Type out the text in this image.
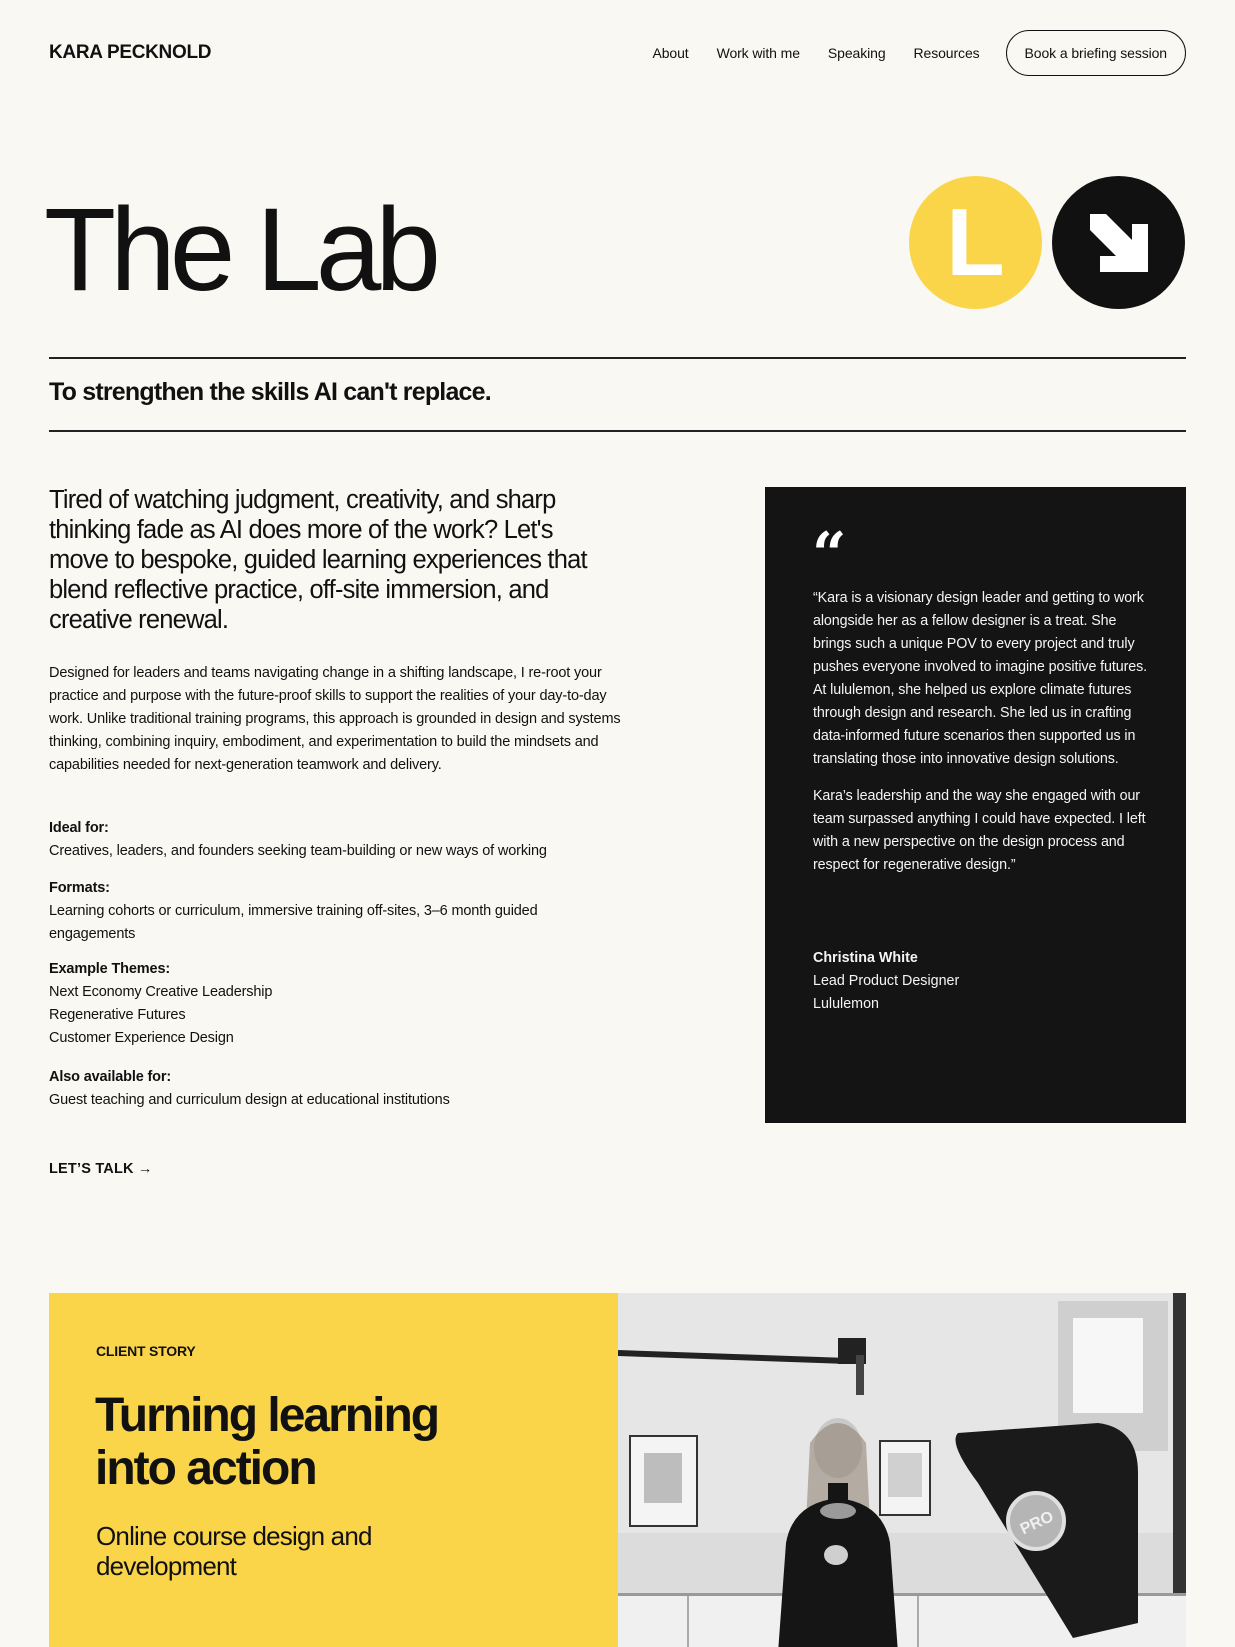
KARA PECKNOLD	About Work with me Speaking Resources	Book a briefing session
The Lab	L
To strengthen the skills AI can't replace.

Tired of watching judgment, creativity, and sharp thinking fade as AI does more of the work? Let's move to bespoke, guided learning experiences that blend reflective practice, off-site immersion, and creative renewal.

Designed for leaders and teams navigating change in a shifting landscape, I re-root your practice and purpose with the future-proof skills to support the realities of your day-to-day work. Unlike traditional training programs, this approach is grounded in design and systems thinking, combining inquiry, embodiment, and experimentation to build the mindsets and capabilities needed for next-generation teamwork and delivery.

Ideal for:
Creatives, leaders, and founders seeking team-building or new ways of working
Formats:
Learning cohorts or curriculum, immersive training off-sites, 3–6 month guided engagements
Example Themes:
Next Economy Creative Leadership
Regenerative Futures
Customer Experience Design
Also available for:
Guest teaching and curriculum design at educational institutions
LET’S TALK →
“

“Kara is a visionary design leader and getting to work alongside her as a fellow designer is a treat. She brings such a unique POV to every project and truly pushes everyone involved to imagine positive futures. At lululemon, she helped us explore climate futures through design and research. She led us in crafting data-informed future scenarios then supported us in translating those into innovative design solutions.

Kara’s leadership and the way she engaged with our team surpassed anything I could have expected. I left with a new perspective on the design process and respect for regenerative design.”

Christina White
Lead Product Designer
Lululemon
CLIENT STORY
Turning learning into action

Online course design and development

PRO
